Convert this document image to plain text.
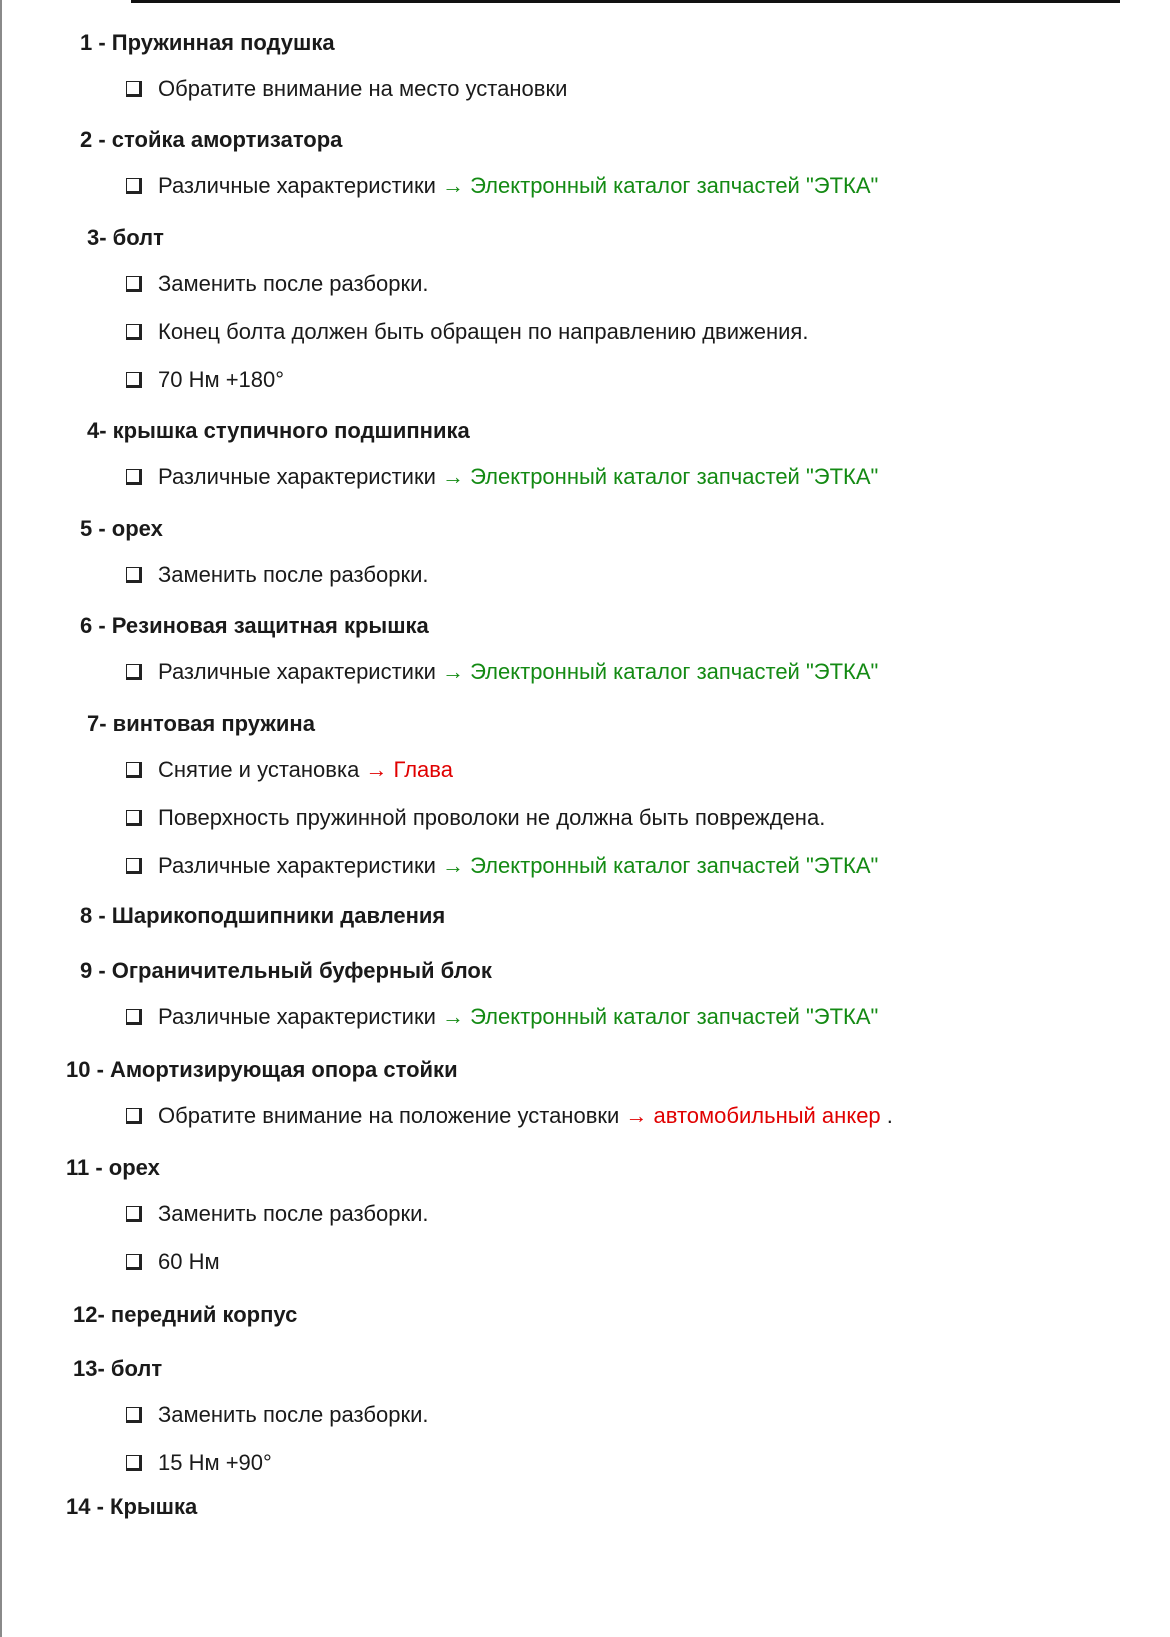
1 - Пружинная подушка
Обратите внимание на место установки
2 - стойка амортизатора
Различные характеристики → Электронный каталог запчастей "ЭТКА"
3- болт
Заменить после разборки.
Конец болта должен быть обращен по направлению движения.
70 Нм +180°
4- крышка ступичного подшипника
Различные характеристики → Электронный каталог запчастей "ЭТКА"
5 - орех
Заменить после разборки.
6 - Резиновая защитная крышка
Различные характеристики → Электронный каталог запчастей "ЭТКА"
7- винтовая пружина
Снятие и установка → Глава
Поверхность пружинной проволоки не должна быть повреждена.
Различные характеристики → Электронный каталог запчастей "ЭТКА"
8 - Шарикоподшипники давления
9 - Ограничительный буферный блок
Различные характеристики → Электронный каталог запчастей "ЭТКА"
10 - Амортизирующая опора стойки
Обратите внимание на положение установки → автомобильный анкер .
11 - орех
Заменить после разборки.
60 Нм
12- передний корпус
13- болт
Заменить после разборки.
15 Нм +90°
14 - Крышка
